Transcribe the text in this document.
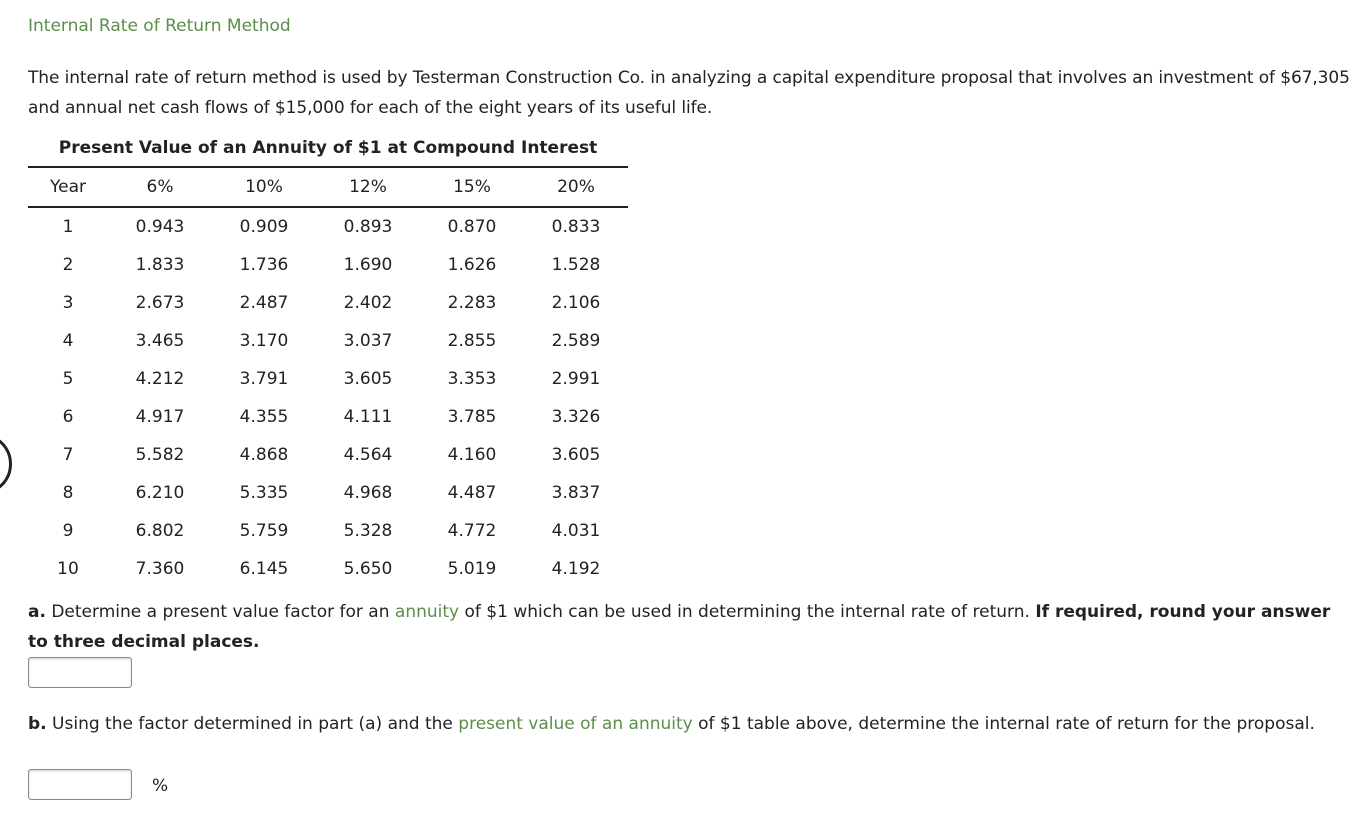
Internal Rate of Return Method
The internal rate of return method is used by Testerman Construction Co. in analyzing a capital expenditure proposal that involves an investment of $67,305 and annual net cash flows of $15,000 for each of the eight years of its useful life.
Present Value of an Annuity of $1 at Compound Interest
Year	6%	10%	12%	15%	20%
1	0.943	0.909	0.893	0.870	0.833
2	1.833	1.736	1.690	1.626	1.528
3	2.673	2.487	2.402	2.283	2.106
4	3.465	3.170	3.037	2.855	2.589
5	4.212	3.791	3.605	3.353	2.991
6	4.917	4.355	4.111	3.785	3.326
7	5.582	4.868	4.564	4.160	3.605
8	6.210	5.335	4.968	4.487	3.837
9	6.802	5.759	5.328	4.772	4.031
10	7.360	6.145	5.650	5.019	4.192
a. Determine a present value factor for an annuity of $1 which can be used in determining the internal rate of return. If required, round your answer to three decimal places.
b. Using the factor determined in part (a) and the present value of an annuity of $1 table above, determine the internal rate of return for the proposal.
%
